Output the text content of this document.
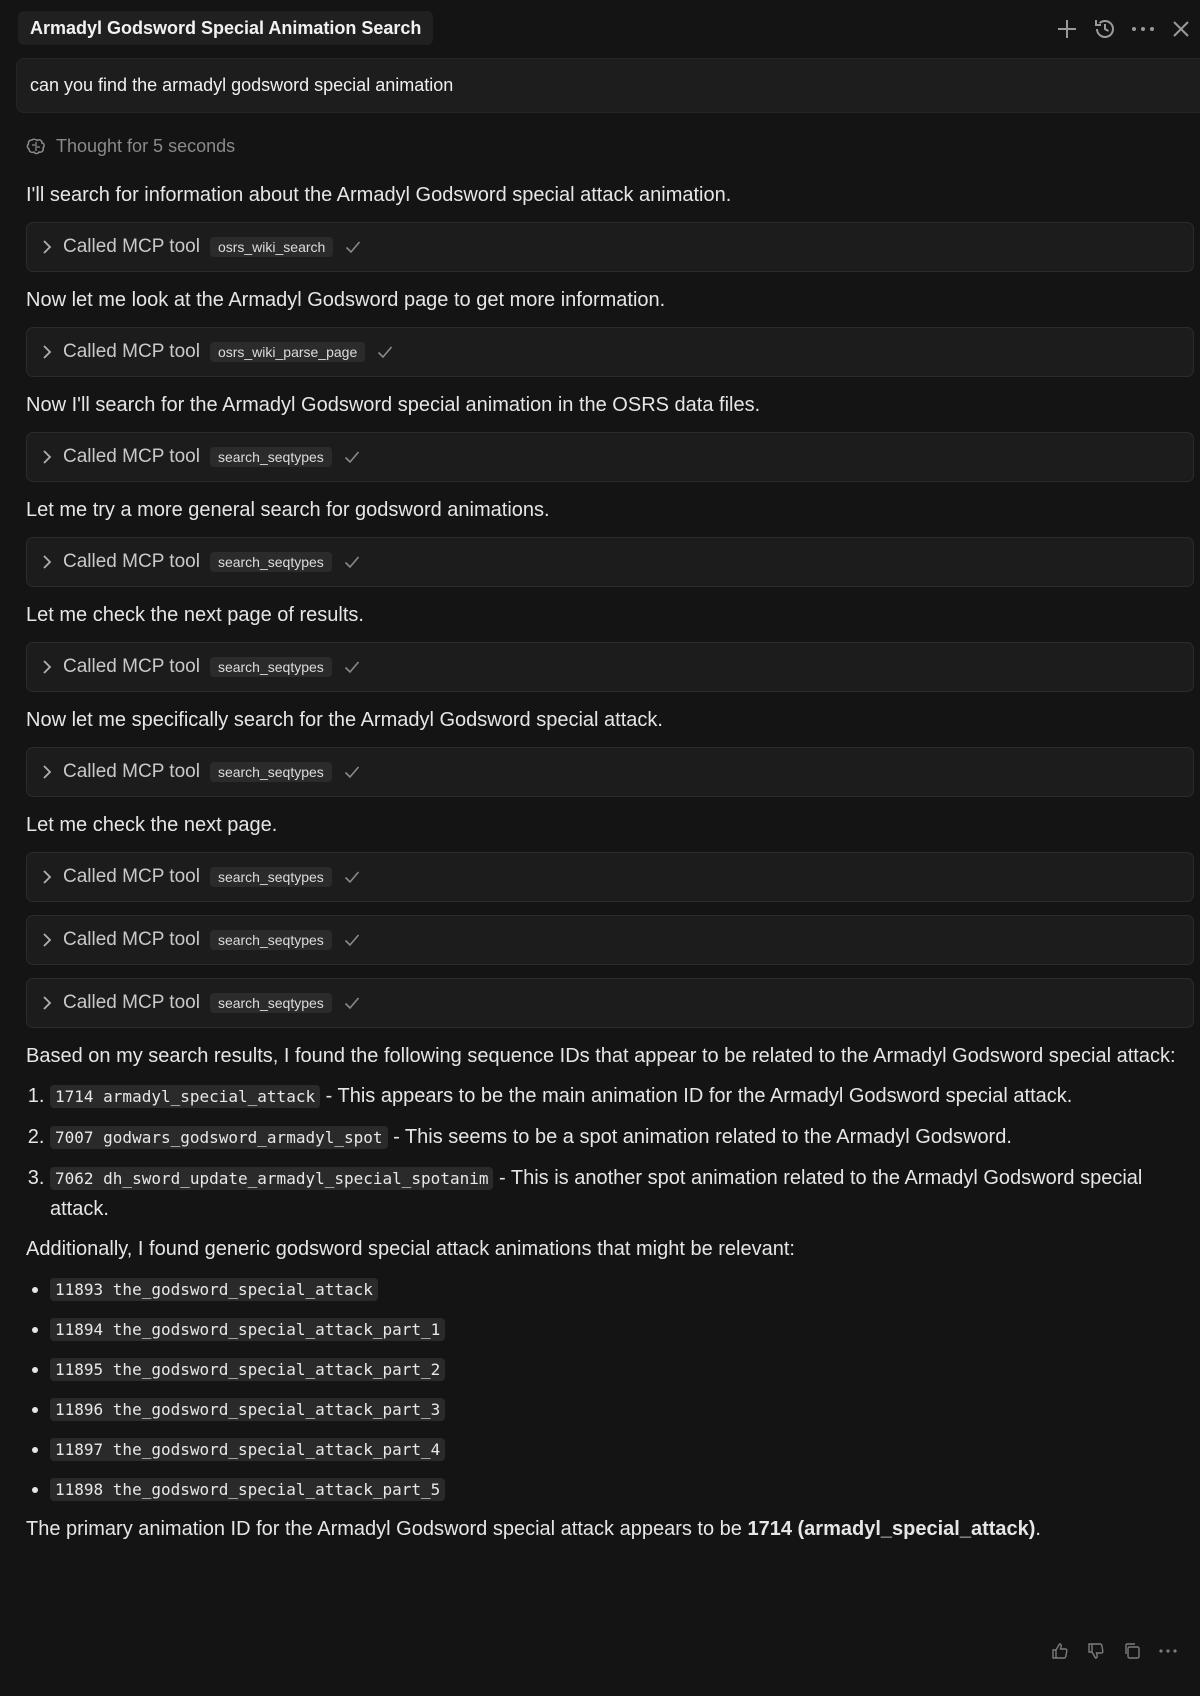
Armadyl Godsword Special Animation Search
can you find the armadyl godsword special animation
Thought for 5 seconds

I'll search for information about the Armadyl Godsword special attack animation.

Called MCP tool	osrs_wiki_search

Now let me look at the Armadyl Godsword page to get more information.

Called MCP tool	osrs_wiki_parse_page

Now I'll search for the Armadyl Godsword special animation in the OSRS data files.

Called MCP tool	search_seqtypes

Let me try a more general search for godsword animations.

Called MCP tool	search_seqtypes

Let me check the next page of results.

Called MCP tool	search_seqtypes

Now let me specifically search for the Armadyl Godsword special attack.

Called MCP tool	search_seqtypes

Let me check the next page.

Called MCP tool	search_seqtypes
Called MCP tool	search_seqtypes
Called MCP tool	search_seqtypes

Based on my search results, I found the following sequence IDs that appear to be related to the Armadyl Godsword special attack:

1. 1714 armadyl_special_attack - This appears to be the main animation ID for the Armadyl Godsword special attack.
2. 7007 godwars_godsword_armadyl_spot - This seems to be a spot animation related to the Armadyl Godsword.
3. 7062 dh_sword_update_armadyl_special_spotanim - This is another spot animation related to the Armadyl Godsword special attack.

Additionally, I found generic godsword special attack animations that might be relevant:

• 11893 the_godsword_special_attack
• 11894 the_godsword_special_attack_part_1
• 11895 the_godsword_special_attack_part_2
• 11896 the_godsword_special_attack_part_3
• 11897 the_godsword_special_attack_part_4
• 11898 the_godsword_special_attack_part_5

The primary animation ID for the Armadyl Godsword special attack appears to be 1714 (armadyl_special_attack).
